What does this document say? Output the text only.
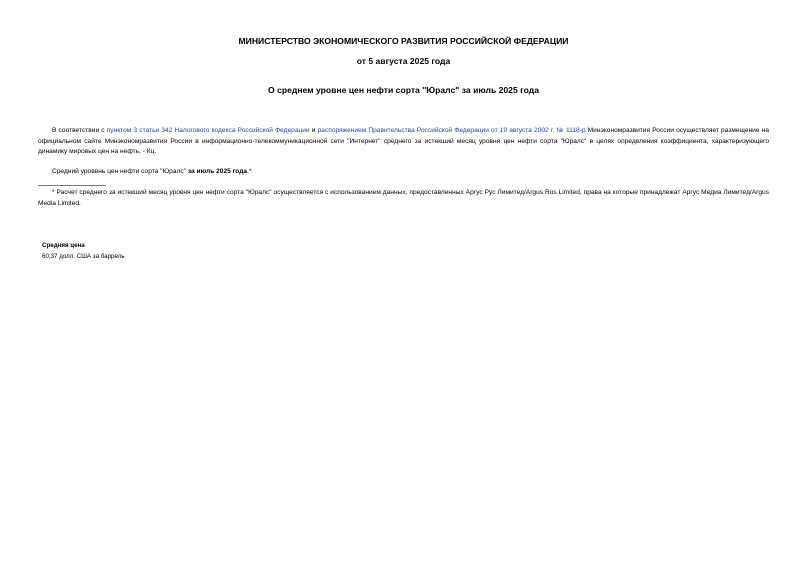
МИНИСТЕРСТВО ЭКОНОМИЧЕСКОГО РАЗВИТИЯ РОССИЙСКОЙ ФЕДЕРАЦИИ
от 5 августа 2025 года
О среднем уровне цен нефти сорта "Юралс" за июль 2025 года
В соответствии с пунктом 3 статьи 342 Налогового кодекса Российской Федерации и распоряжением Правительства Российской Федерации от 19 августа 2002 г. № 1118-р Минэкономразвития России осуществляет размещение на официальном сайте Минэкономразвития России в информационно-телекоммуникационной сети "Интернет" среднего за истекший месяц уровня цен нефти сорта "Юралс" в целях определения коэффициента, характеризующего динамику мировых цен на нефть, - Кц.
Средний уровень цен нефти сорта "Юралс" за июль 2025 года.*
* Расчет среднего за истекший месяц уровня цен нефти сорта "Юралс" осуществляется с использованием данных, предоставленных Аргус Рус Лимитед/Argus Rus Limited, права на которые принадлежат Аргус Медиа Лимитед/Argus Media Limited.
Средняя цена
60,37 долл. США за баррель
